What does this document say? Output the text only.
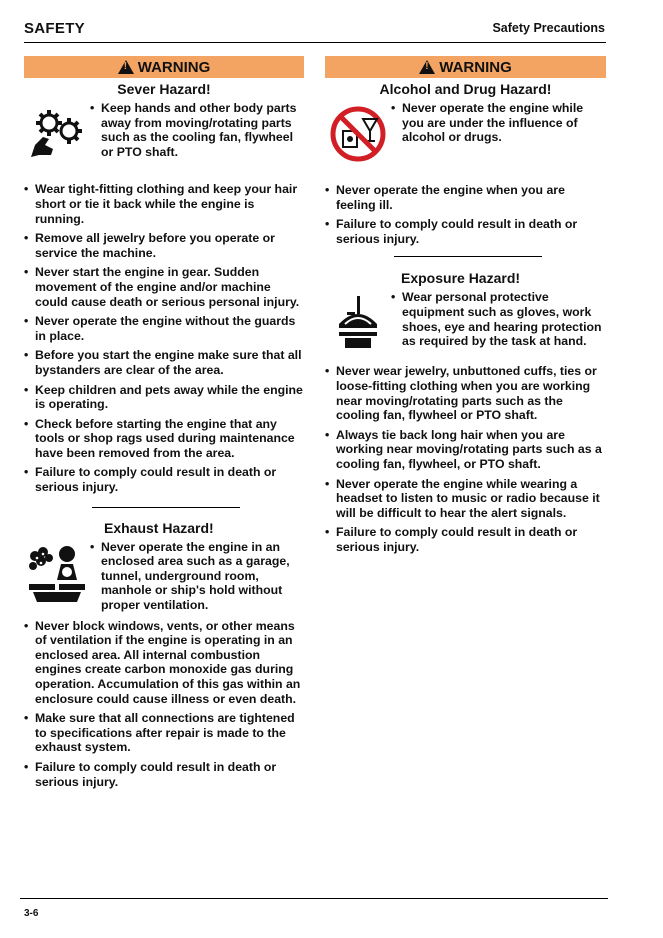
SAFETY	Safety Precautions
!
WARNING
Sever Hazard!
• Keep hands and other body parts away from moving/rotating parts such as the cooling fan, flywheel or PTO shaft.
• Wear tight-fitting clothing and keep your hair short or tie it back while the engine is running.
• Remove all jewelry before you operate or service the machine.
• Never start the engine in gear. Sudden movement of the engine and/or machine could cause death or serious personal injury.
• Never operate the engine without the guards in place.
• Before you start the engine make sure that all bystanders are clear of the area.
• Keep children and pets away while the engine is operating.
• Check before starting the engine that any tools or shop rags used during maintenance have been removed from the area.
• Failure to comply could result in death or serious injury.
Exhaust Hazard!
• Never operate the engine in an enclosed area such as a garage, tunnel, underground room, manhole or ship's hold without proper ventilation.
• Never block windows, vents, or other means of ventilation if the engine is operating in an enclosed area. All internal combustion engines create carbon monoxide gas during operation. Accumulation of this gas within an enclosure could cause illness or even death.
• Make sure that all connections are tightened to specifications after repair is made to the exhaust system.
• Failure to comply could result in death or serious injury.
!
WARNING
Alcohol and Drug Hazard!
• Never operate the engine while you are under the influence of alcohol or drugs.
• Never operate the engine when you are feeling ill.
• Failure to comply could result in death or serious injury.
Exposure Hazard!
• Wear personal protective equipment such as gloves, work shoes, eye and hearing protection as required by the task at hand.
• Never wear jewelry, unbuttoned cuffs, ties or loose-fitting clothing when you are working near moving/rotating parts such as the cooling fan, flywheel or PTO shaft.
• Always tie back long hair when you are working near moving/rotating parts such as a cooling fan, flywheel, or PTO shaft.
• Never operate the engine while wearing a headset to listen to music or radio because it will be difficult to hear the alert signals.
• Failure to comply could result in death or serious injury.
3-6
